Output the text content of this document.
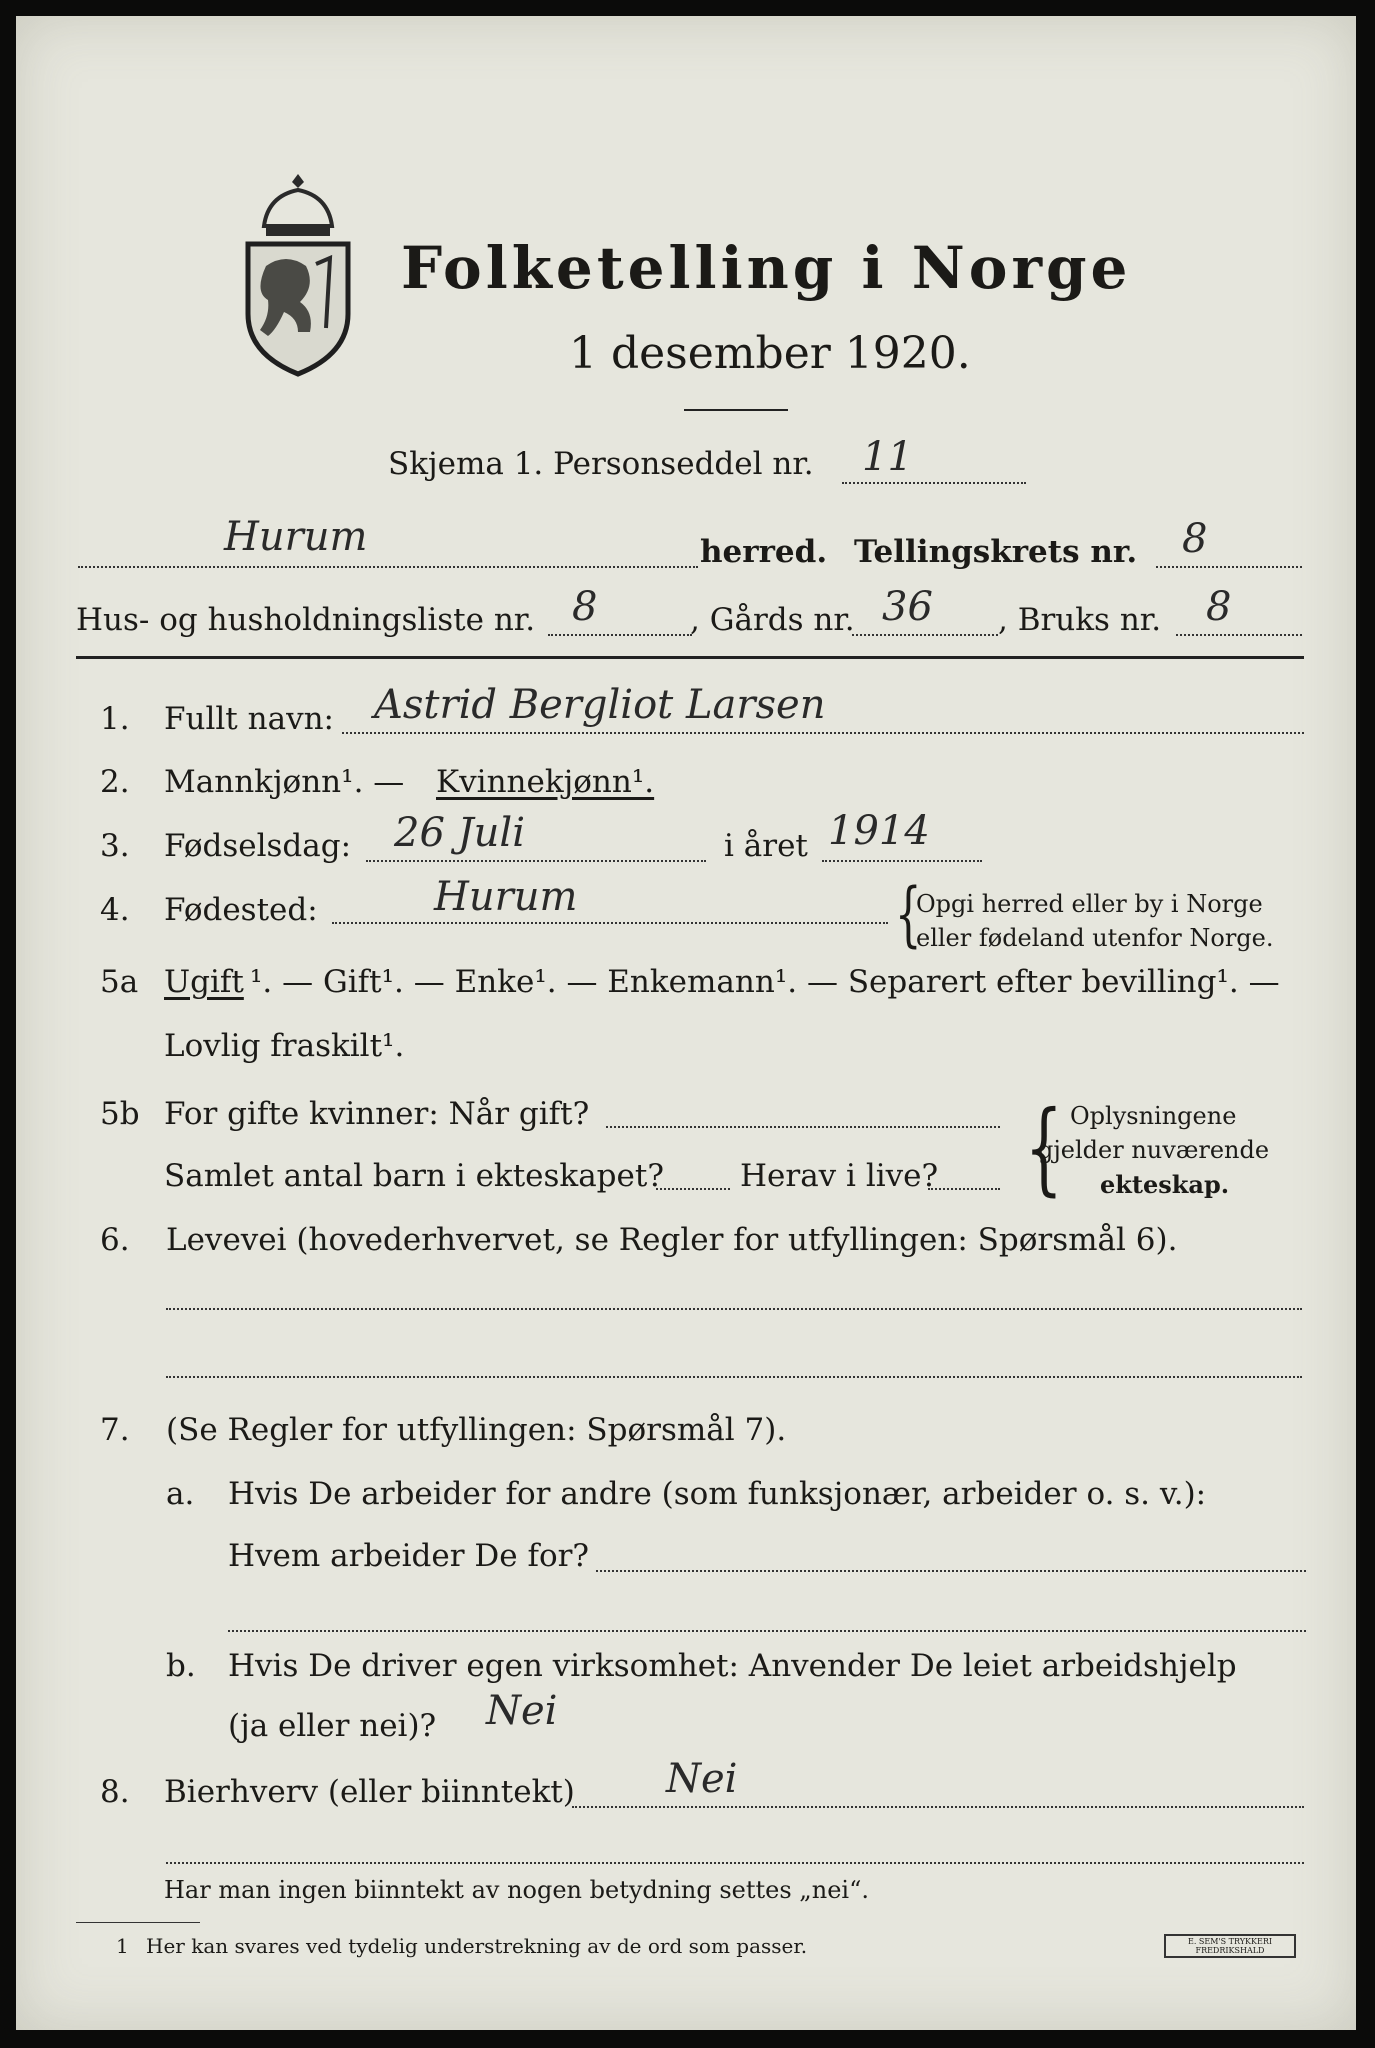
Folketelling i Norge
1 desember 1920.
Skjema 1. Personseddel nr. 11
Hurum	herred. Tellingskrets nr. 8
Hus- og husholdningsliste nr. 8	, Gårds nr. 36 , Bruks nr. 8
1. Fullt navn: Astrid Bergliot Larsen
2. Mannkjønn¹. — Kvinnekjønn¹.
3. Fødselsdag: 26 Juli	i året 1914
4. Fødested:	Hurum	{
Opgi herred eller by i Norge
eller fødeland utenfor Norge.
5a Ugift ¹. — Gift¹. — Enke¹. — Enkemann¹. — Separert efter bevilling¹. —
Lovlig fraskilt¹.
5b For gifte kvinner: Når gift?
Samlet antal barn i ekteskapet? Herav i live? { Oplysningene
gjelder nuværende
ekteskap.
6. Levevei (hovederhvervet, se Regler for utfyllingen: Spørsmål 6).
7. (Se Regler for utfyllingen: Spørsmål 7).
a. Hvis De arbeider for andre (som funksjonær, arbeider o. s. v.):
Hvem arbeider De for?
b. Hvis De driver egen virksomhet: Anvender De leiet arbeidshjelp
(ja eller nei)? Nei
8. Bierhverv (eller biinntekt) Nei
Har man ingen biinntekt av nogen betydning settes „nei“.
1 Her kan svares ved tydelig understrekning av de ord som passer.	E. SEM'S TRYKKERI
FREDRIKSHALD
